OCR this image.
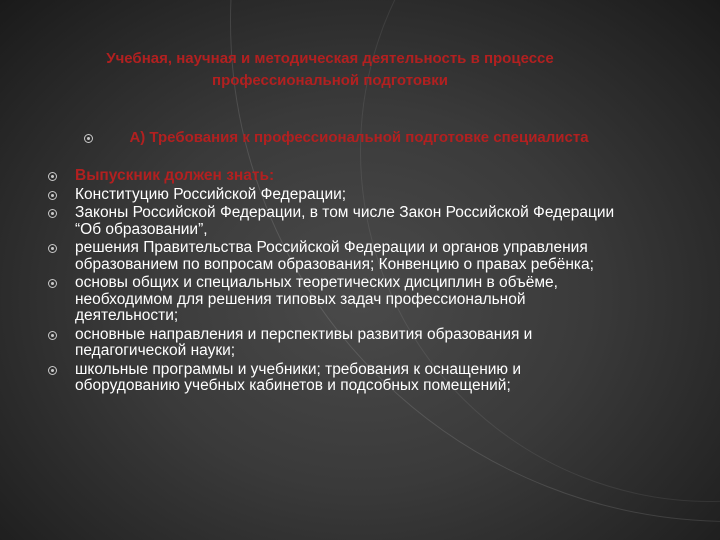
Учебная, научная и методическая деятельность в процессе
профессиональной подготовки
А) Требования к профессиональной подготовке специалиста
Выпускник должен знать:
Конституцию Российской Федерации;
Законы Российской Федерации, в том числе Закон Российской Федерации “Об образовании”,
решения Правительства Российской Федерации и органов управления образованием по вопросам образования; Конвенцию о правах ребёнка;
основы общих и специальных теоретических дисциплин в объёме, необходимом для решения типовых задач профессиональной деятельности;
основные направления и перспективы развития образования и педагогической науки;
школьные программы и учебники; требования к оснащению и оборудованию учебных кабинетов и подсобных помещений;
